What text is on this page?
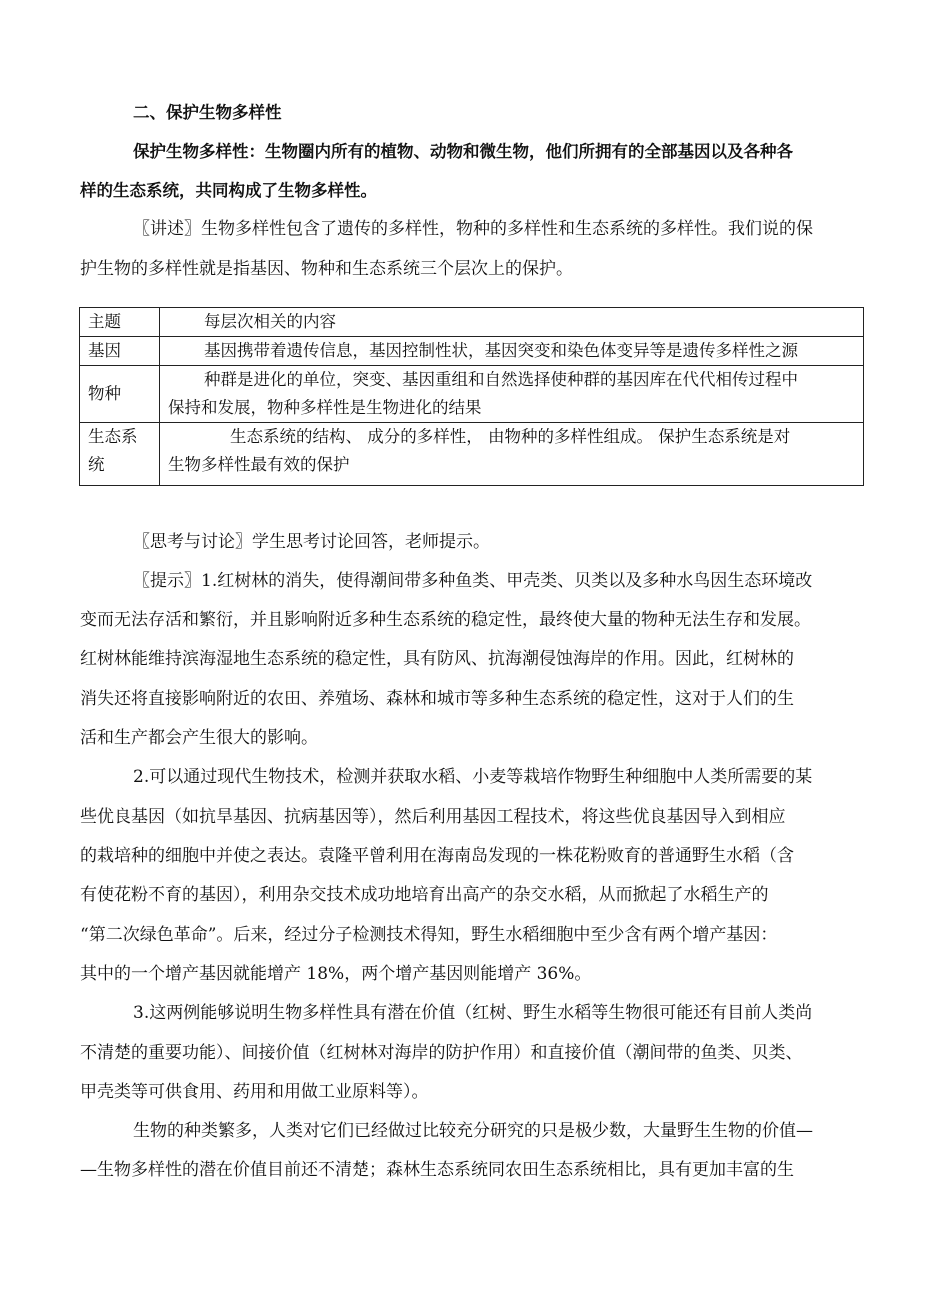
二、保护生物多样性
保护生物多样性：生物圈内所有的植物、动物和微生物，他们所拥有的全部基因以及各种各
样的生态系统，共同构成了生物多样性。
〖讲述〗生物多样性包含了遗传的多样性，物种的多样性和生态系统的多样性。我们说的保
护生物的多样性就是指基因、物种和生态系统三个层次上的保护。
主题	每层次相关的内容

基因	基因携带着遗传信息，基因控制性状，基因突变和染色体变异等是遗传多样性之源

物种	种群是进化的单位，突变、基因重组和自然选择使种群的基因库在代代相传过程中
保持和发展，物种多样性是生物进化的结果

生态系
统	生态系统的结构、 成分的多样性， 由物种的多样性组成。 保护生态系统是对
生物多样性最有效的保护
〖思考与讨论〗学生思考讨论回答，老师提示。
〖提示〗1.红树林的消失，使得潮间带多种鱼类、甲壳类、贝类以及多种水鸟因生态环境改
变而无法存活和繁衍，并且影响附近多种生态系统的稳定性，最终使大量的物种无法生存和发展。
红树林能维持滨海湿地生态系统的稳定性，具有防风、抗海潮侵蚀海岸的作用。因此，红树林的
消失还将直接影响附近的农田、养殖场、森林和城市等多种生态系统的稳定性，这对于人们的生
活和生产都会产生很大的影响。
2.可以通过现代生物技术，检测并获取水稻、小麦等栽培作物野生种细胞中人类所需要的某
些优良基因（如抗旱基因、抗病基因等），然后利用基因工程技术，将这些优良基因导入到相应
的栽培种的细胞中并使之表达。袁隆平曾利用在海南岛发现的一株花粉败育的普通野生水稻（含
有使花粉不育的基因），利用杂交技术成功地培育出高产的杂交水稻，从而掀起了水稻生产的
“第二次绿色革命”。后来，经过分子检测技术得知，野生水稻细胞中至少含有两个增产基因：
其中的一个增产基因就能增产 18%，两个增产基因则能增产 36%。
3.这两例能够说明生物多样性具有潜在价值（红树、野生水稻等生物很可能还有目前人类尚
不清楚的重要功能）、间接价值（红树林对海岸的防护作用）和直接价值（潮间带的鱼类、贝类、
甲壳类等可供食用、药用和用做工业原料等）。
生物的种类繁多，人类对它们已经做过比较充分研究的只是极少数，大量野生生物的价值—
—生物多样性的潜在价值目前还不清楚；森林生态系统同农田生态系统相比，具有更加丰富的生
